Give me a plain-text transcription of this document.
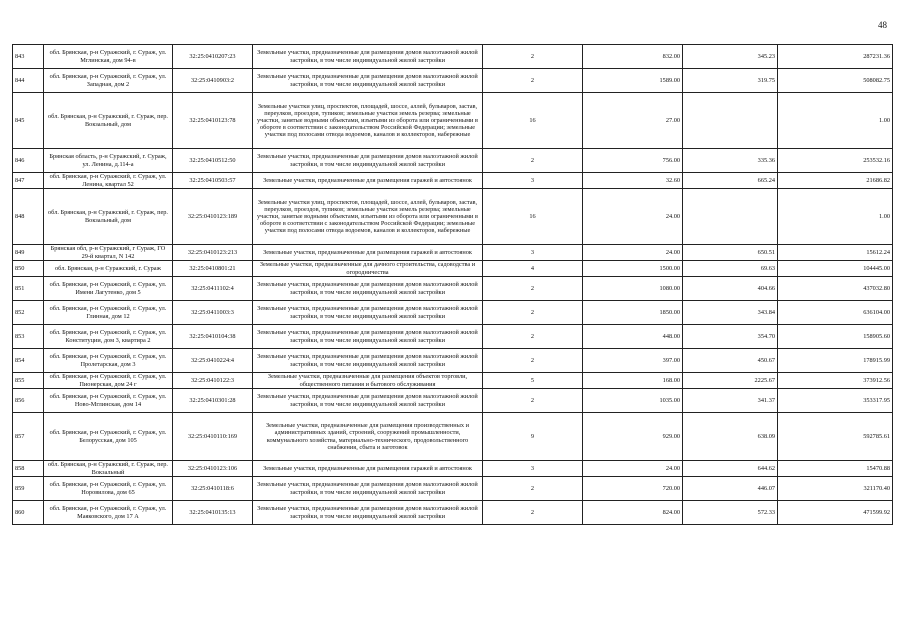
48
843	обл. Брянская, р-н Суражский, г. Сураж, ул. Мглинская, дом 94-в	32:25:0410207:23	Земельные участки, предназначенные для размещения домов малоэтажной жилой застройки, в том числе индивидуальной жилой застройки	2	832.00	345.23	287231.36
844	обл. Брянская, р-н Суражский, г. Сураж, ул. Западная, дом 2	32:25:0410903:2	Земельные участки, предназначенные для размещения домов малоэтажной жилой застройки, в том числе индивидуальной жилой застройки	2	1589.00	319.75	508082.75
845	обл. Брянская, р-н Суражский, г. Сураж, пер. Вокзальный, дом	32:25:0410123:78	Земельные участки улиц, проспектов, площадей, шоссе, аллей, бульваров, застав, переулков, проездов, тупиков; земельные участки земель резерва; земельные участки, занятые водными объектами, изъятыми из оборота или ограниченными в обороте в соответствии с законодательством Российской Федерации; земельные участки под полосами отвода водоемов, каналов и коллекторов, набережные	16	27.00		1.00
846	Брянская область, р-н Суражский, г. Сураж, ул. Ленина, д.114-а	32:25:0410512:50	Земельные участки, предназначенные для размещения домов малоэтажной жилой застройки, в том числе индивидуальной жилой застройки	2	756.00	335.36	253532.16
847	обл. Брянская, р-н Суражский, г. Сураж, ул. Ленина, квартал 52	32:25:0410503:57	Земельные участки, предназначенные для размещения гаражей и автостоянок	3	32.60	665.24	21686.82
848	обл. Брянская, р-н Суражский, г. Сураж, пер. Вокзальный, дом	32:25:0410123:189	Земельные участки улиц, проспектов, площадей, шоссе, аллей, бульваров, застав, переулков, проездов, тупиков; земельные участки земель резерва; земельные участки, занятые водными объектами, изъятыми из оборота или ограниченными в обороте в соответствии с законодательством Российской Федерации; земельные участки под полосами отвода водоемов, каналов и коллекторов, набережные	16	24.00		1.00
849	Брянская обл, р-н Суражский, г Сураж, ГО 29-й квартал, N 142	32:25:0410123:213	Земельные участки, предназначенные для размещения гаражей и автостоянок	3	24.00	650.51	15612.24
850	обл. Брянская, р-н Суражский, г. Сураж	32:25:0410801:21	Земельные участки, предназначенные для дачного строительства, садоводства и огородничества	4	1500.00	69.63	104445.00
851	обл. Брянская, р-н Суражский, г. Сураж, ул. Имени Лагутенко, дом 5	32:25:0411102:4	Земельные участки, предназначенные для размещения домов малоэтажной жилой застройки, в том числе индивидуальной жилой застройки	2	1080.00	404.66	437032.80
852	обл. Брянская, р-н Суражский, г. Сураж, ул. Глинная, дом 12	32:25:0411003:3	Земельные участки, предназначенные для размещения домов малоэтажной жилой застройки, в том числе индивидуальной жилой застройки	2	1850.00	343.84	636104.00
853	обл. Брянская, р-н Суражский, г. Сураж, ул. Конституции, дом 3, квартира 2	32:25:0410104:38	Земельные участки, предназначенные для размещения домов малоэтажной жилой застройки, в том числе индивидуальной жилой застройки	2	448.00	354.70	158905.60
854	обл. Брянская, р-н Суражский, г. Сураж, ул. Пролетарская, дом 3	32:25:0410224:4	Земельные участки, предназначенные для размещения домов малоэтажной жилой застройки, в том числе индивидуальной жилой застройки	2	397.00	450.67	178915.99
855	обл. Брянская, р-н Суражский, г. Сураж, ул. Пионерская, дом 24 г	32:25:0410122:3	Земельные участки, предназначенные для размещения объектов торговли, общественного питания и бытового обслуживания	5	168.00	2225.67	373912.56
856	обл. Брянская, р-н Суражский, г. Сураж, ул. Ново-Мглинская, дом 14	32:25:0410301:28	Земельные участки, предназначенные для размещения домов малоэтажной жилой застройки, в том числе индивидуальной жилой застройки	2	1035.00	341.37	353317.95
857	обл. Брянская, р-н Суражский, г. Сураж, ул. Белорусская, дом 105	32:25:0410110:169	Земельные участки, предназначенные для размещения производственных и административных зданий, строений, сооружений промышленности, коммунального хозяйства, материально-технического, продовольственного снабжения, сбыта и заготовок	9	929.00	638.09	592785.61
858	обл. Брянская, р-н Суражский, г. Сураж, пер. Вокзальный	32:25:0410123:106	Земельные участки, предназначенные для размещения гаражей и автостоянок	3	24.00	644.62	15470.88
859	обл. Брянская, р-н Суражский, г. Сураж, ул. Норовилова, дом 65	32:25:0410118:6	Земельные участки, предназначенные для размещения домов малоэтажной жилой застройки, в том числе индивидуальной жилой застройки	2	720.00	446.07	321170.40
860	обл. Брянская, р-н Суражский, г. Сураж, ул. Маяковского, дом 17 А	32:25:0410135:13	Земельные участки, предназначенные для размещения домов малоэтажной жилой застройки, в том числе индивидуальной жилой застройки	2	824.00	572.33	471599.92
